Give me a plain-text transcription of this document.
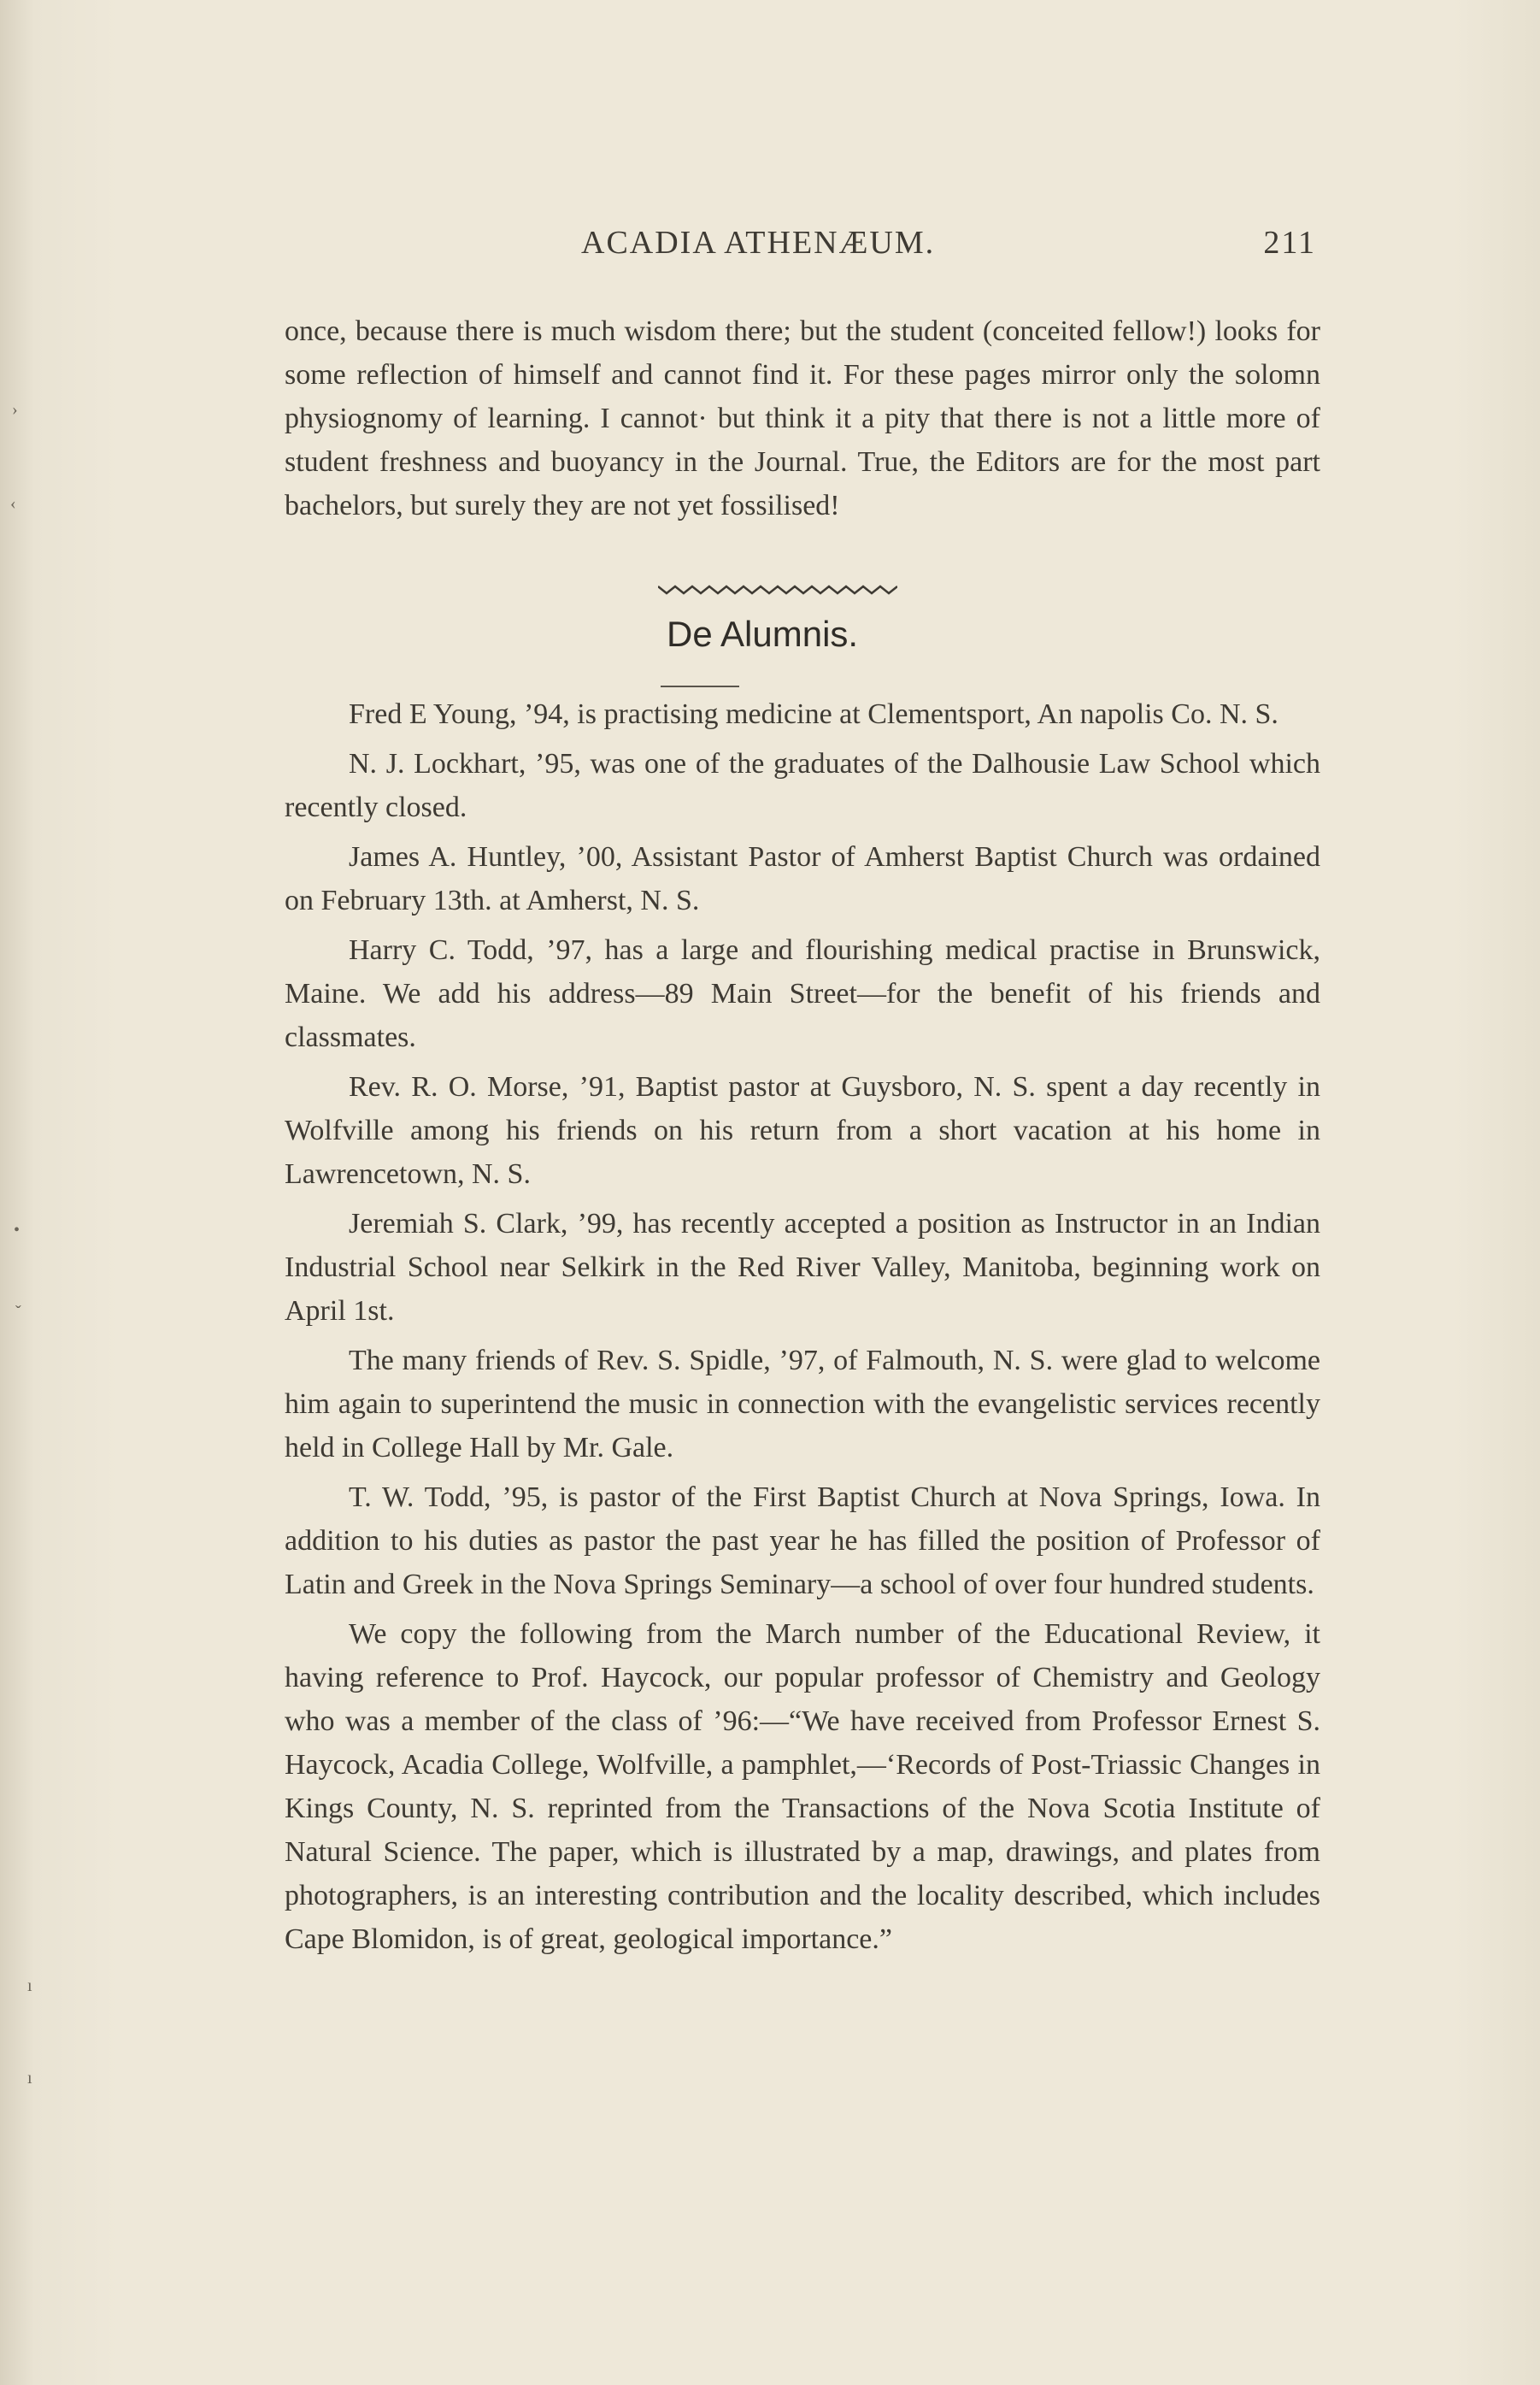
ACADIA ATHENÆUM.	211

once, because there is much wisdom there; but the student (conceited fellow!) looks for some reflection of himself and cannot find it. For these pages mirror only the solomn physiognomy of learning. I cannot· but think it a pity that there is not a little more of student freshness and buoyancy in the Journal. True, the Editors are for the most part bachelors, but surely they are not yet fossilised!

De Alumnis.

Fred E Young, ’94, is practising medicine at Clementsport, An napolis Co. N. S.

N. J. Lockhart, ’95, was one of the graduates of the Dalhousie Law School which recently closed.

James A. Huntley, ’00, Assistant Pastor of Amherst Baptist Church was ordained on February 13th. at Amherst, N. S.

Harry C. Todd, ’97, has a large and flourishing medical practise in Brunswick, Maine. We add his address—89 Main Street—for the benefit of his friends and classmates.

Rev. R. O. Morse, ’91, Baptist pastor at Guysboro, N. S. spent a day recently in Wolfville among his friends on his return from a short vacation at his home in Lawrencetown, N. S.

Jeremiah S. Clark, ’99, has recently accepted a position as Instructor in an Indian Industrial School near Selkirk in the Red River Valley, Manitoba, beginning work on April 1st.

The many friends of Rev. S. Spidle, ’97, of Falmouth, N. S. were glad to welcome him again to superintend the music in connection with the evangelistic services recently held in College Hall by Mr. Gale.

T. W. Todd, ’95, is pastor of the First Baptist Church at Nova Springs, Iowa. In addition to his duties as pastor the past year he has filled the position of Professor of Latin and Greek in the Nova Springs Seminary—a school of over four hundred students.

We copy the following from the March number of the Educational Review, it having reference to Prof. Haycock, our popular professor of Chemistry and Geology who was a member of the class of ’96:—“We have received from Professor Ernest S. Haycock, Acadia College, Wolfville, a pamphlet,—‘Records of Post-Triassic Changes in Kings County, N. S. reprinted from the Transactions of the Nova Scotia Institute of Natural Science. The paper, which is illustrated by a map, drawings, and plates from photographers, is an interesting contribution and the locality described, which includes Cape Blomidon, is of great, geological importance.”

›
‹
•
ˇ
ı
ı
